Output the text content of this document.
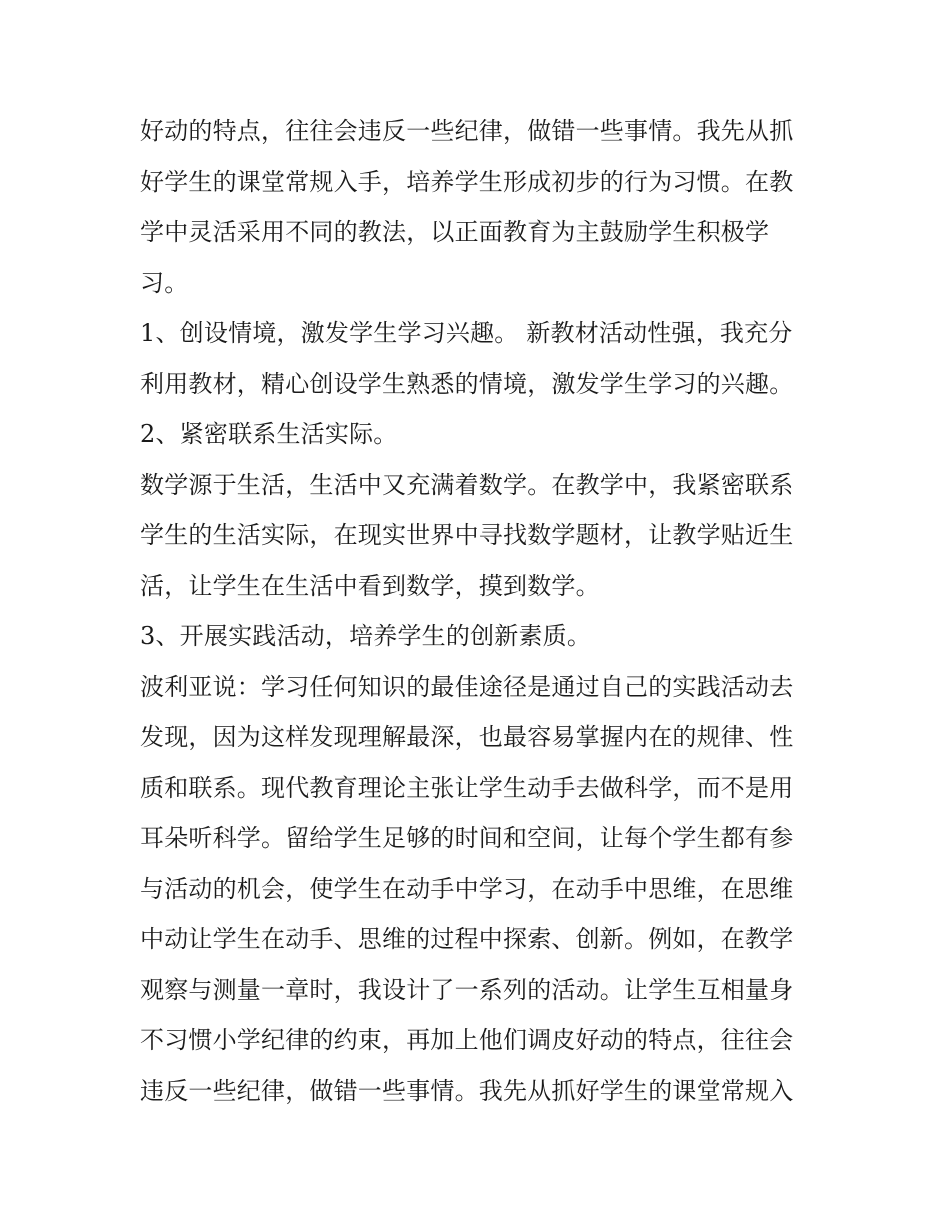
好动的特点，往往会违反一些纪律，做错一些事情。我先从抓
好学生的课堂常规入手，培养学生形成初步的行为习惯。在教
学中灵活采用不同的教法，以正面教育为主鼓励学生积极学
习。
1、创设情境，激发学生学习兴趣。 新教材活动性强，我充分
利用教材，精心创设学生熟悉的情境，激发学生学习的兴趣。
2、紧密联系生活实际。
数学源于生活，生活中又充满着数学。在教学中，我紧密联系
学生的生活实际，在现实世界中寻找数学题材，让教学贴近生
活，让学生在生活中看到数学，摸到数学。
3、开展实践活动，培养学生的创新素质。
波利亚说：学习任何知识的最佳途径是通过自己的实践活动去
发现，因为这样发现理解最深，也最容易掌握内在的规律、性
质和联系。现代教育理论主张让学生动手去做科学，而不是用
耳朵听科学。留给学生足够的时间和空间，让每个学生都有参
与活动的机会，使学生在动手中学习，在动手中思维，在思维
中动让学生在动手、思维的过程中探索、创新。例如，在教学
观察与测量一章时，我设计了一系列的活动。让学生互相量身
不习惯小学纪律的约束，再加上他们调皮好动的特点，往往会
违反一些纪律，做错一些事情。我先从抓好学生的课堂常规入
